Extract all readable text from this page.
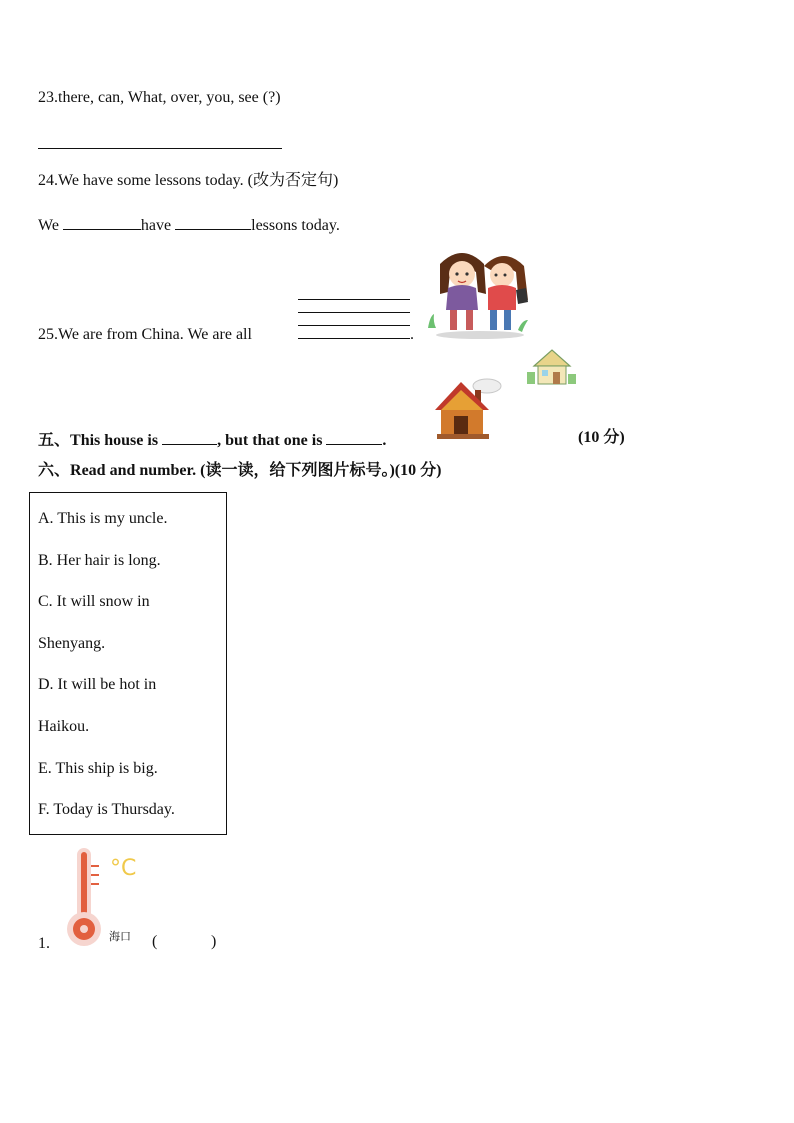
23.there, can, What, over, you, see (?)
24.We have some lessons today. (改为否定句)
We	have	lessons today.
25.We are from China. We are all	.
五、This house is	, but that one is	.	(10 分)
六、Read and number. (读一读，给下列图片标号。)(10 分)
A. This is my uncle.
B. Her hair is long.
C. It will snow in
Shenyang.
D. It will be hot in
Haikou.
E. This ship is big.
F. Today is Thursday.
1.
°C
海口 (	)
